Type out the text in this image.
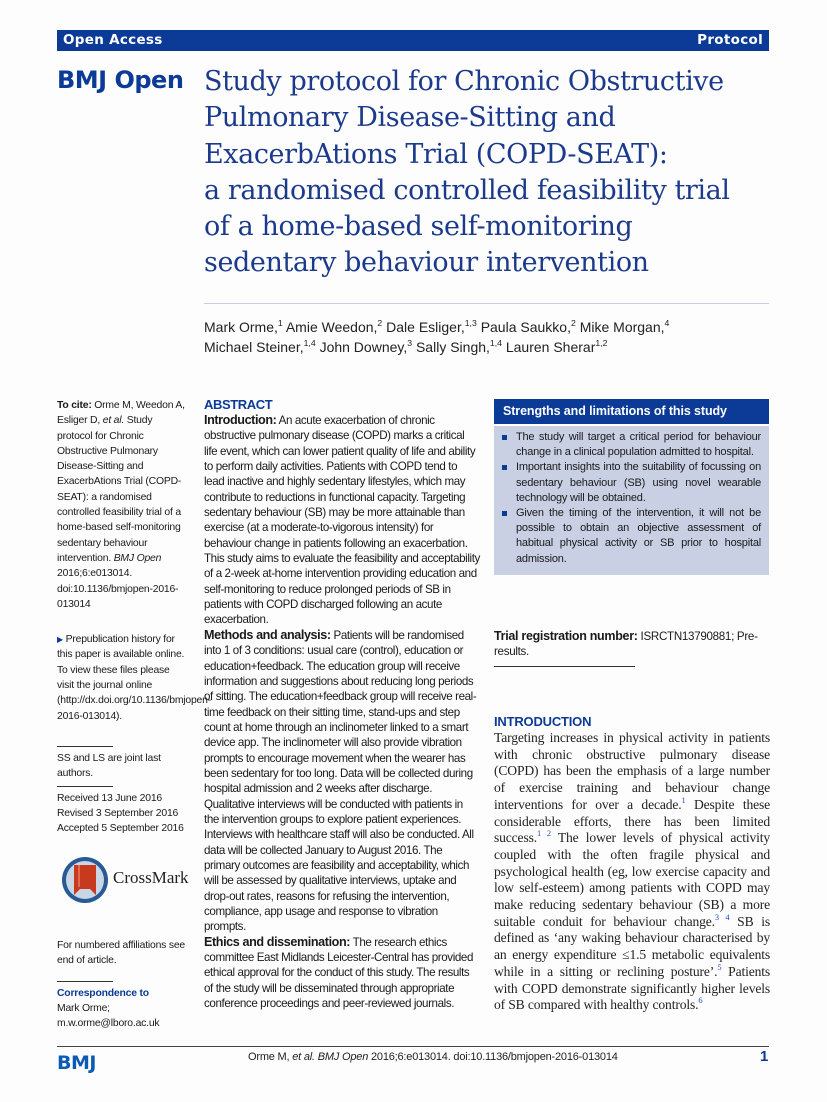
Open Access	Protocol
BMJ Open Study protocol for Chronic Obstructive
Pulmonary Disease-Sitting and
ExacerbAtions Trial (COPD-SEAT):
a randomised controlled feasibility trial
of a home-based self-monitoring
sedentary behaviour intervention
Mark Orme,$^1$ Amie Weedon,$^2$ Dale Esliger,$^{1,3}$ Paula Saukko,$^2$ Mike Morgan,$^4$
Michael Steiner,$^{1,4}$ John Downey,$^3$ Sally Singh,$^{1,4}$ Lauren Sherar$^{1,2}$
To cite: Orme M, Weedon A, Esliger D, et al. Study protocol for Chronic Obstructive Pulmonary Disease-Sitting and ExacerbAtions Trial (COPD-SEAT): a randomised controlled feasibility trial of a home-based self-monitoring sedentary behaviour intervention. BMJ Open 2016;6:e013014. doi:10.1136/bmjopen-2016-013014
▶ Prepublication history for this paper is available online. To view these files please visit the journal online (http://dx.doi.org/10.1136/bmjopen-2016-013014).
SS and LS are joint last authors.
Received 13 June 2016
Revised 3 September 2016
Accepted 5 September 2016
CrossMark
For numbered affiliations see end of article.
Correspondence to
Mark Orme;
m.w.orme@lboro.ac.uk
ABSTRACT

Introduction: An acute exacerbation of chronic obstructive pulmonary disease (COPD) marks a critical life event, which can lower patient quality of life and ability to perform daily activities. Patients with COPD tend to lead inactive and highly sedentary lifestyles, which may contribute to reductions in functional capacity. Targeting sedentary behaviour (SB) may be more attainable than exercise (at a moderate-to-vigorous intensity) for behaviour change in patients following an exacerbation. This study aims to evaluate the feasibility and acceptability of a 2-week at-home intervention providing education and self-monitoring to reduce prolonged periods of SB in patients with COPD discharged following an acute exacerbation.

Methods and analysis: Patients will be randomised into 1 of 3 conditions: usual care (control), education or education+feedback. The education group will receive information and suggestions about reducing long periods of sitting. The education+feedback group will receive real-time feedback on their sitting time, stand-ups and step count at home through an inclinometer linked to a smart device app. The inclinometer will also provide vibration prompts to encourage movement when the wearer has been sedentary for too long. Data will be collected during hospital admission and 2 weeks after discharge. Qualitative interviews will be conducted with patients in the intervention groups to explore patient experiences. Interviews with healthcare staff will also be conducted. All data will be collected January to August 2016. The primary outcomes are feasibility and acceptability, which will be assessed by qualitative interviews, uptake and drop-out rates, reasons for refusing the intervention, compliance, app usage and response to vibration prompts.

Ethics and dissemination: The research ethics committee East Midlands Leicester-Central has provided ethical approval for the conduct of this study. The results of the study will be disseminated through appropriate conference proceedings and peer-reviewed journals.

Strengths and limitations of this study
The study will target a critical period for behaviour change in a clinical population admitted to hospital.
Important insights into the suitability of focussing on sedentary behaviour (SB) using novel wearable technology will be obtained.
Given the timing of the intervention, it will not be possible to obtain an objective assessment of habitual physical activity or SB prior to hospital admission.
Trial registration number: ISRCTN13790881; Pre-results.
INTRODUCTION

Targeting increases in physical activity in patients with chronic obstructive pulmonary disease (COPD) has been the emphasis of a large number of exercise training and behaviour change interventions for over a decade.$^1$ Despite these considerable efforts, there has been limited success.$^{1 2}$ The lower levels of physical activity coupled with the often fragile physical and psychological health (eg, low exercise capacity and low self-esteem) among patients with COPD may make reducing sedentary behaviour (SB) a more suitable conduit for behaviour change.$^{3 4}$ SB is defined as ‘any waking behaviour characterised by an energy expenditure ≤1.5 metabolic equivalents while in a sitting or reclining posture’.$^5$ Patients with COPD demonstrate significantly higher levels of SB compared with healthy controls.$^6$

BMJ	Orme M, et al. BMJ Open 2016;6:e013014. doi:10.1136/bmjopen-2016-013014	1
